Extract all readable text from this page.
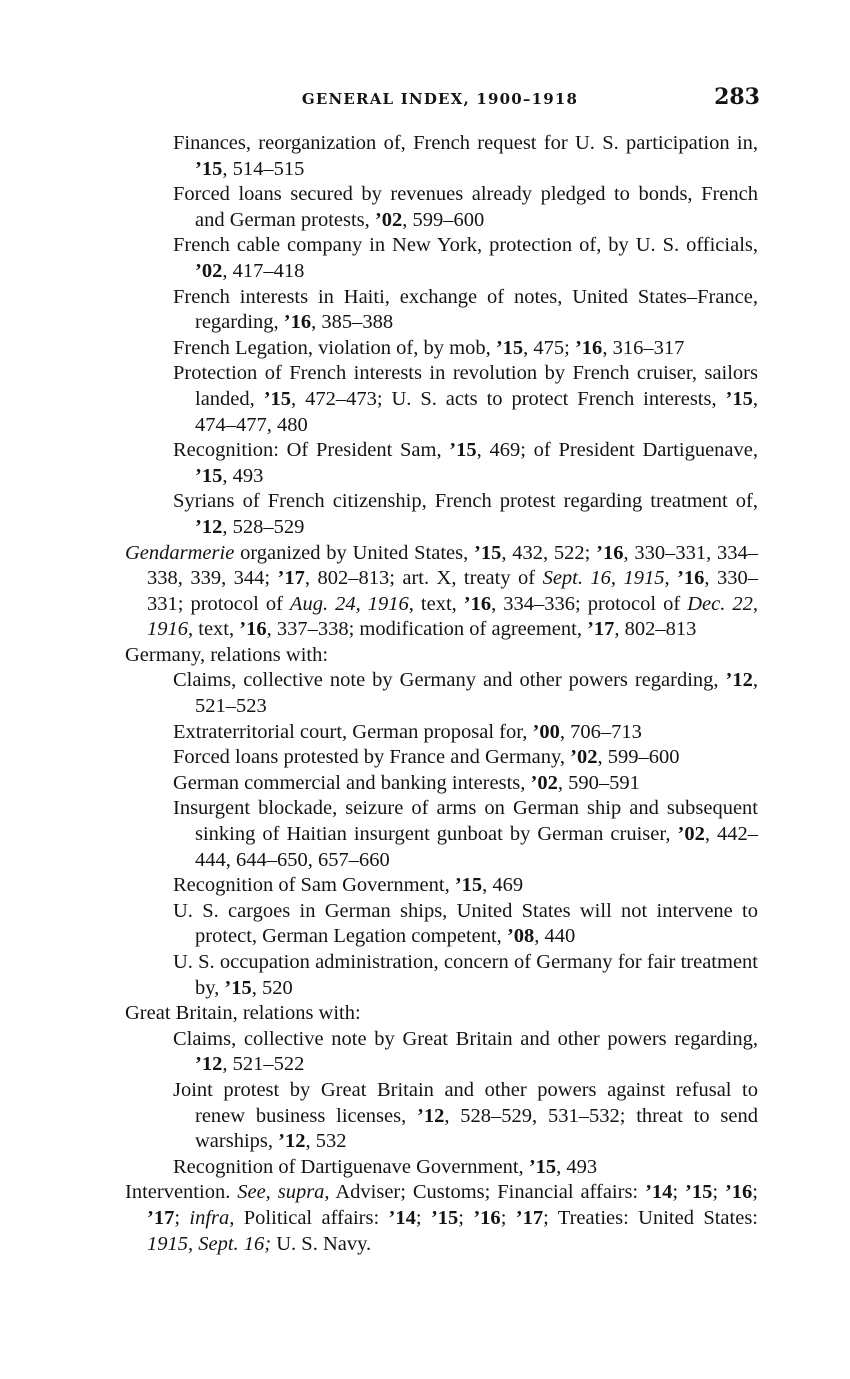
GENERAL INDEX, 1900–1918	283

Finances, reorganization of, French request for U. S. participation in, ’15, 514–515

Forced loans secured by revenues already pledged to bonds, French and German protests, ’02, 599–600

French cable company in New York, protection of, by U. S. officials, ’02, 417–418

French interests in Haiti, exchange of notes, United States–France, regarding, ’16, 385–388

French Legation, violation of, by mob, ’15, 475; ’16, 316–317

Protection of French interests in revolution by French cruiser, sailors landed, ’15, 472–473; U. S. acts to protect French interests, ’15, 474–477, 480

Recognition: Of President Sam, ’15, 469; of President Dartiguenave, ’15, 493

Syrians of French citizenship, French protest regarding treatment of, ’12, 528–529

Gendarmerie organized by United States, ’15, 432, 522; ’16, 330–331, 334–338, 339, 344; ’17, 802–813; art. X, treaty of Sept. 16, 1915, ’16, 330–331; protocol of Aug. 24, 1916, text, ’16, 334–336; protocol of Dec. 22, 1916, text, ’16, 337–338; modification of agreement, ’17, 802–813

Germany, relations with:

Claims, collective note by Germany and other powers regarding, ’12, 521–523

Extraterritorial court, German proposal for, ’00, 706–713

Forced loans protested by France and Germany, ’02, 599–600

German commercial and banking interests, ’02, 590–591

Insurgent blockade, seizure of arms on German ship and subsequent sinking of Haitian insurgent gunboat by German cruiser, ’02, 442–444, 644–650, 657–660

Recognition of Sam Government, ’15, 469

U. S. cargoes in German ships, United States will not intervene to protect, German Legation competent, ’08, 440

U. S. occupation administration, concern of Germany for fair treatment by, ’15, 520

Great Britain, relations with:

Claims, collective note by Great Britain and other powers regarding, ’12, 521–522

Joint protest by Great Britain and other powers against refusal to renew business licenses, ’12, 528–529, 531–532; threat to send warships, ’12, 532

Recognition of Dartiguenave Government, ’15, 493

Intervention. See, supra, Adviser; Customs; Financial affairs: ’14; ’15; ’16; ’17; infra, Political affairs: ’14; ’15; ’16; ’17; Treaties: United States: 1915, Sept. 16; U. S. Navy.
